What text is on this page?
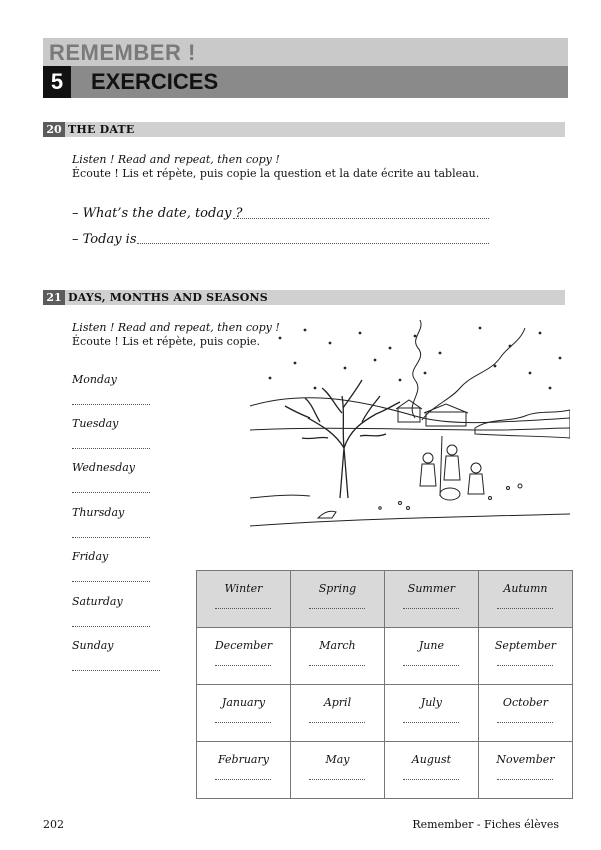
REMEMBER !
5	EXERCICES
20 THE DATE
Listen ! Read and repeat, then copy !
Écoute ! Lis et répète, puis copie la question et la date écrite au tableau.
– What’s the date, today ?
– Today is
21 DAYS, MONTHS AND SEASONS
Listen ! Read and repeat, then copy !
Écoute ! Lis et répète, puis copie.
Monday
Tuesday
Wednesday
Thursday
Friday
Saturday
Sunday
Winter	Spring	Summer	Autumn

December	March	June	September

January	April	July	October

February	May	August	November
202	Remember - Fiches élèves
